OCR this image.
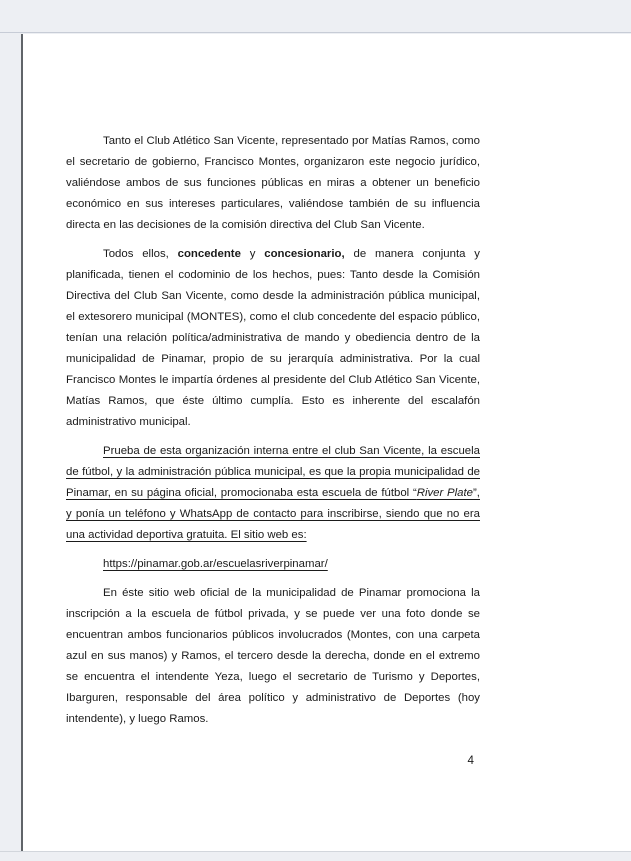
Tanto el Club Atlético San Vicente, representado por Matías Ramos, como el secretario de gobierno, Francisco Montes, organizaron este negocio jurídico, valiéndose ambos de sus funciones públicas en miras a obtener un beneficio económico en sus intereses particulares, valiéndose también de su influencia directa en las decisiones de la comisión directiva del Club San Vicente.

Todos ellos, concedente y concesionario, de manera conjunta y planificada, tienen el codominio de los hechos, pues: Tanto desde la Comisión Directiva del Club San Vicente, como desde la administración pública municipal, el extesorero municipal (MONTES), como el club concedente del espacio público, tenían una relación política/administrativa de mando y obediencia dentro de la municipalidad de Pinamar, propio de su jerarquía administrativa. Por la cual Francisco Montes le impartía órdenes al presidente del Club Atlético San Vicente, Matías Ramos, que éste último cumplía. Esto es inherente del escalafón administrativo municipal.

Prueba de esta organización interna entre el club San Vicente, la escuela de fútbol, y la administración pública municipal, es que la propia municipalidad de Pinamar, en su página oficial, promocionaba esta escuela de fútbol “River Plate”, y ponía un teléfono y WhatsApp de contacto para inscribirse, siendo que no era una actividad deportiva gratuita. El sitio web es:

https://pinamar.gob.ar/escuelasriverpinamar/

En éste sitio web oficial de la municipalidad de Pinamar promociona la inscripción a la escuela de fútbol privada, y se puede ver una foto donde se encuentran ambos funcionarios públicos involucrados (Montes, con una carpeta azul en sus manos) y Ramos, el tercero desde la derecha, donde en el extremo se encuentra el intendente Yeza, luego el secretario de Turismo y Deportes, Ibarguren, responsable del área político y administrativo de Deportes (hoy intendente), y luego Ramos.

4
